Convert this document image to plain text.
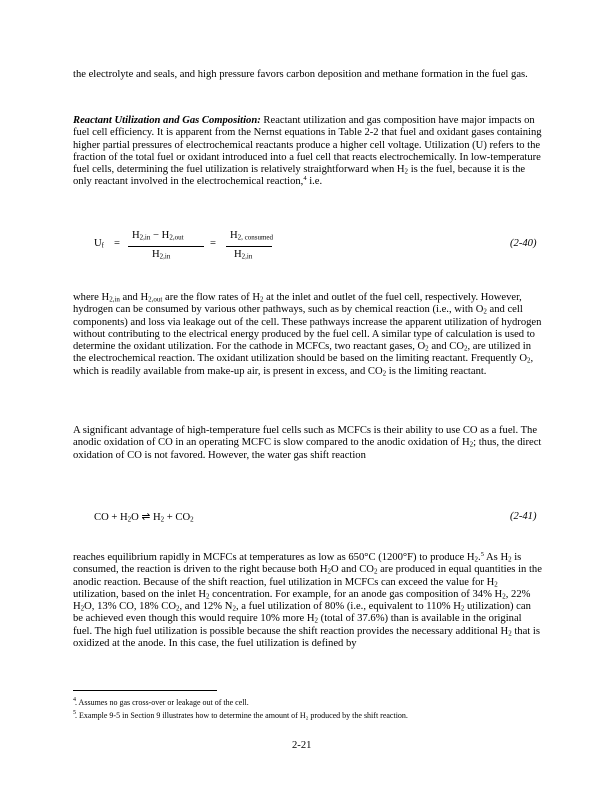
the electrolyte and seals, and high pressure favors carbon deposition and methane formation in the fuel gas.

Reactant Utilization and Gas Composition: Reactant utilization and gas composition have major impacts on fuel cell efficiency. It is apparent from the Nernst equations in Table 2-2 that fuel and oxidant gases containing higher partial pressures of electrochemical reactants produce a higher cell voltage. Utilization (U) refers to the fraction of the total fuel or oxidant introduced into a fuel cell that reacts electrochemically. In low-temperature fuel cells, determining the fuel utilization is relatively straightforward when $H_2$ is the fuel, because it is the only reactant involved in the electrochemical reaction,$^4$ i.e.

$U_f$ =
$H_{2,in} - H_{2,out}$
$H_{2,in}$
=
$H_{2, consumed}$
$H_{2,in}$
(2-40)

where $H_{2,in}$ and $H_{2,out}$ are the flow rates of $H_2$ at the inlet and outlet of the fuel cell, respectively. However, hydrogen can be consumed by various other pathways, such as by chemical reaction (i.e., with $O_2$ and cell components) and loss via leakage out of the cell. These pathways increase the apparent utilization of hydrogen without contributing to the electrical energy produced by the fuel cell. A similar type of calculation is used to determine the oxidant utilization. For the cathode in MCFCs, two reactant gases, $O_2$ and $CO_2$, are utilized in the electrochemical reaction. The oxidant utilization should be based on the limiting reactant. Frequently $O_2$, which is readily available from make-up air, is present in excess, and $CO_2$ is the limiting reactant.

A significant advantage of high-temperature fuel cells such as MCFCs is their ability to use CO as a fuel. The anodic oxidation of CO in an operating MCFC is slow compared to the anodic oxidation of $H_2$; thus, the direct oxidation of CO is not favored. However, the water gas shift reaction

CO + $H_2O$ ⇌ $H_2 + CO_2$	(2-41)

reaches equilibrium rapidly in MCFCs at temperatures as low as 650°C (1200°F) to produce $H_2.^5$ As $H_2$ is consumed, the reaction is driven to the right because both $H_2O$ and $CO_2$ are produced in equal quantities in the anodic reaction. Because of the shift reaction, fuel utilization in MCFCs can exceed the value for $H_2$ utilization, based on the inlet $H_2$ concentration. For example, for an anode gas composition of 34% $H_2$, 22% $H_2O$, 13% CO, 18% $CO_2$, and 12% $N_2$, a fuel utilization of 80% (i.e., equivalent to 110% $H_2$ utilization) can be achieved even though this would require 10% more $H_2$ (total of 37.6%) than is available in the original fuel. The high fuel utilization is possible because the shift reaction provides the necessary additional $H_2$ that is oxidized at the anode. In this case, the fuel utilization is defined by

4 . Assumes no gas cross-over or leakage out of the cell.
5 . Example 9-5 in Section 9 illustrates how to determine the amount of H₂ produced by the shift reaction.
2-21
